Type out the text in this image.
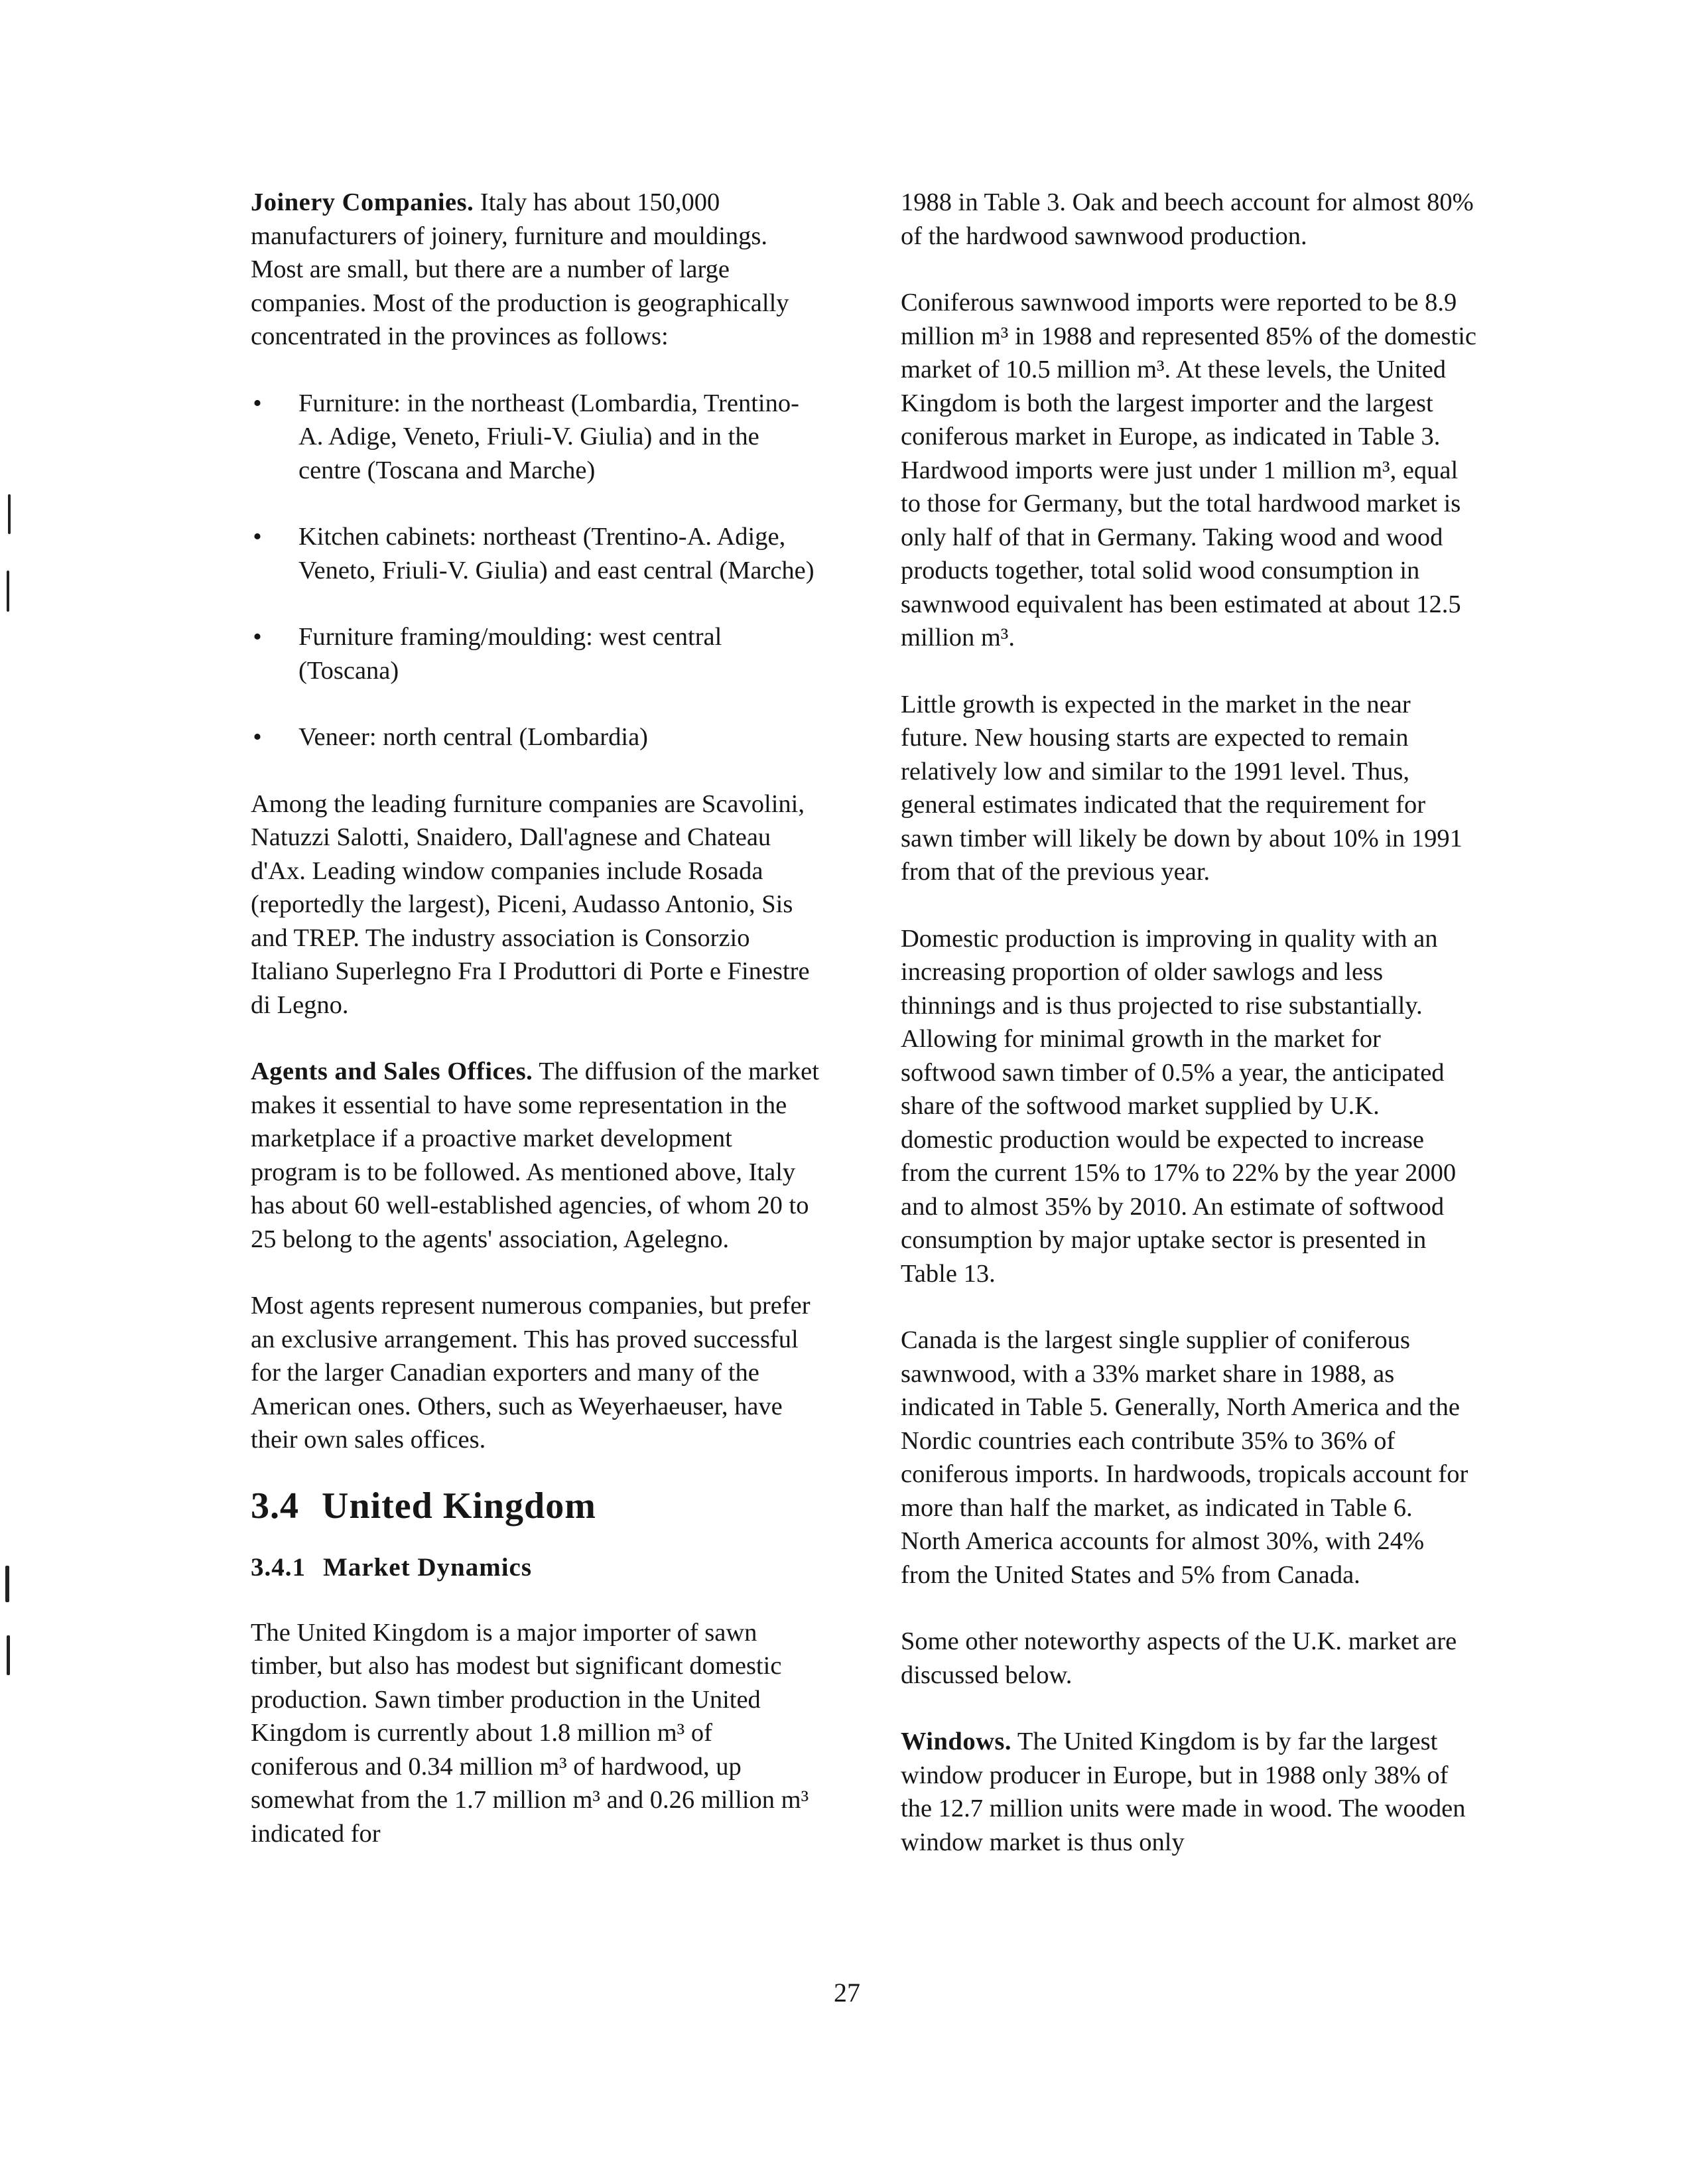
Joinery Companies. Italy has about 150,000 manufacturers of joinery, furniture and mouldings. Most are small, but there are a number of large companies. Most of the production is geographically concentrated in the provinces as follows:

• Furniture: in the northeast (Lombardia, Trentino-A. Adige, Veneto, Friuli-V. Giulia) and in the centre (Toscana and Marche)
• Kitchen cabinets: northeast (Trentino-A. Adige, Veneto, Friuli-V. Giulia) and east central (Marche)
• Furniture framing/moulding: west central (Toscana)
• Veneer: north central (Lombardia)

Among the leading furniture companies are Scavolini, Natuzzi Salotti, Snaidero, Dall'agnese and Chateau d'Ax. Leading window companies include Rosada (reportedly the largest), Piceni, Audasso Antonio, Sis and TREP. The industry association is Consorzio Italiano Superlegno Fra I Produttori di Porte e Finestre di Legno.

Agents and Sales Offices. The diffusion of the market makes it essential to have some representation in the marketplace if a proactive market development program is to be followed. As mentioned above, Italy has about 60 well-established agencies, of whom 20 to 25 belong to the agents' association, Agelegno.

Most agents represent numerous companies, but prefer an exclusive arrangement. This has proved successful for the larger Canadian exporters and many of the American ones. Others, such as Weyerhaeuser, have their own sales offices.

3.4 United Kingdom
3.4.1 Market Dynamics

The United Kingdom is a major importer of sawn timber, but also has modest but significant domestic production. Sawn timber production in the United Kingdom is currently about 1.8 million m³ of coniferous and 0.34 million m³ of hardwood, up somewhat from the 1.7 million m³ and 0.26 million m³ indicated for

1988 in Table 3. Oak and beech account for almost 80% of the hardwood sawnwood production.

Coniferous sawnwood imports were reported to be 8.9 million m³ in 1988 and represented 85% of the domestic market of 10.5 million m³. At these levels, the United Kingdom is both the largest importer and the largest coniferous market in Europe, as indicated in Table 3. Hardwood imports were just under 1 million m³, equal to those for Germany, but the total hardwood market is only half of that in Germany. Taking wood and wood products together, total solid wood consumption in sawnwood equivalent has been estimated at about 12.5 million m³.

Little growth is expected in the market in the near future. New housing starts are expected to remain relatively low and similar to the 1991 level. Thus, general estimates indicated that the requirement for sawn timber will likely be down by about 10% in 1991 from that of the previous year.

Domestic production is improving in quality with an increasing proportion of older sawlogs and less thinnings and is thus projected to rise substantially. Allowing for minimal growth in the market for softwood sawn timber of 0.5% a year, the anticipated share of the softwood market supplied by U.K. domestic production would be expected to increase from the current 15% to 17% to 22% by the year 2000 and to almost 35% by 2010. An estimate of softwood consumption by major uptake sector is presented in Table 13.

Canada is the largest single supplier of coniferous sawnwood, with a 33% market share in 1988, as indicated in Table 5. Generally, North America and the Nordic countries each contribute 35% to 36% of coniferous imports. In hardwoods, tropicals account for more than half the market, as indicated in Table 6. North America accounts for almost 30%, with 24% from the United States and 5% from Canada.

Some other noteworthy aspects of the U.K. market are discussed below.

Windows. The United Kingdom is by far the largest window producer in Europe, but in 1988 only 38% of the 12.7 million units were made in wood. The wooden window market is thus only

27
